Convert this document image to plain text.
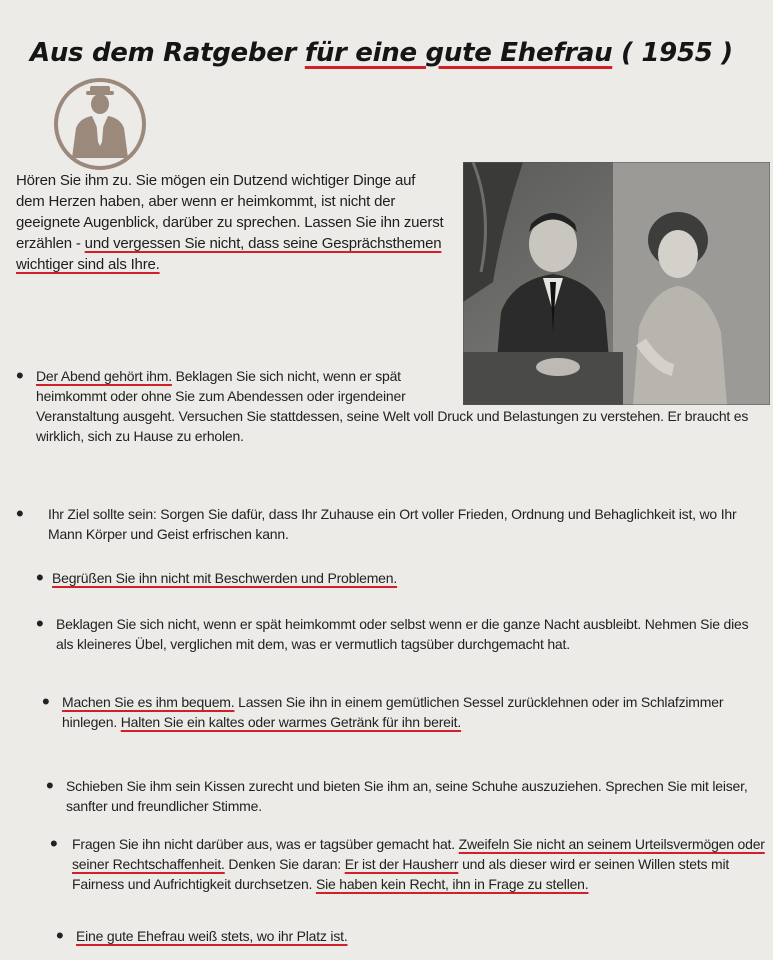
Aus dem Ratgeber für eine gute Ehefrau ( 1955 )
Hören Sie ihm zu. Sie mögen ein Dutzend wichtiger Dinge auf dem Herzen haben, aber wenn er heimkommt, ist nicht der geeignete Augenblick, darüber zu sprechen. Lassen Sie ihn zuerst erzählen - und vergessen Sie nicht, dass seine Gesprächsthemen wichtiger sind als Ihre.
• Der Abend gehört ihm. Beklagen Sie sich nicht, wenn er spät heimkommt oder ohne Sie zum Abendessen oder irgendeiner Veranstaltung ausgeht. Versuchen Sie stattdessen, seine Welt voll Druck und Belastungen zu verstehen. Er braucht es wirklich, sich zu Hause zu erholen.
• Ihr Ziel sollte sein: Sorgen Sie dafür, dass Ihr Zuhause ein Ort voller Frieden, Ordnung und Behaglichkeit ist, wo Ihr Mann Körper und Geist erfrischen kann.
• Begrüßen Sie ihn nicht mit Beschwerden und Problemen.
• Beklagen Sie sich nicht, wenn er spät heimkommt oder selbst wenn er die ganze Nacht ausbleibt. Nehmen Sie dies als kleineres Übel, verglichen mit dem, was er vermutlich tagsüber durchgemacht hat.
• Machen Sie es ihm bequem. Lassen Sie ihn in einem gemütlichen Sessel zurücklehnen oder im Schlafzimmer hinlegen. Halten Sie ein kaltes oder warmes Getränk für ihn bereit.
• Schieben Sie ihm sein Kissen zurecht und bieten Sie ihm an, seine Schuhe auszuziehen. Sprechen Sie mit leiser, sanfter und freundlicher Stimme.
• Fragen Sie ihn nicht darüber aus, was er tagsüber gemacht hat. Zweifeln Sie nicht an seinem Urteilsvermögen oder seiner Rechtschaffenheit. Denken Sie daran: Er ist der Hausherr und als dieser wird er seinen Willen stets mit Fairness und Aufrichtigkeit durchsetzen. Sie haben kein Recht, ihn in Frage zu stellen.
• Eine gute Ehefrau weiß stets, wo ihr Platz ist.
